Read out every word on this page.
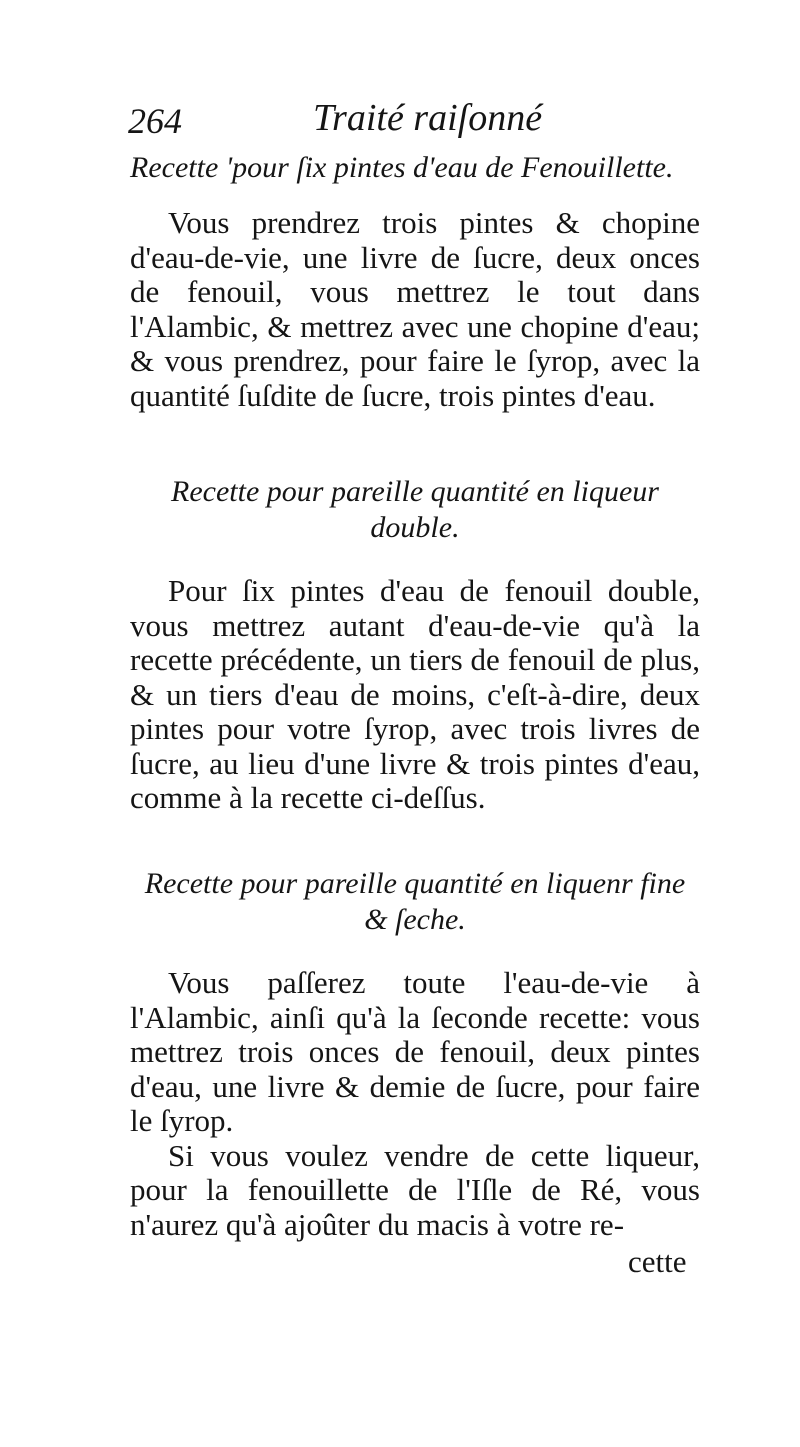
264	Traité raiſonné
Recette 'pour ſix pintes d'eau de Fenouillette.

Vous prendrez trois pintes & chopine d'eau-de-vie, une livre de ſucre, deux onces de fenouil, vous mettrez le tout dans l'Alambic, & mettrez avec une chopine d'eau; & vous prendrez, pour faire le ſyrop, avec la quantité ſuſdite de ſucre, trois pintes d'eau.

Recette pour pareille quantité en liqueur double.

Pour ſix pintes d'eau de fenouil double, vous mettrez autant d'eau-de-vie qu'à la recette précédente, un tiers de fenouil de plus, & un tiers d'eau de moins, c'eſt-à-dire, deux pintes pour votre ſyrop, avec trois livres de ſucre, au lieu d'une livre & trois pintes d'eau, comme à la recette ci-deſſus.

Recette pour pareille quantité en liquenr fine & ſeche.

Vous paſſerez toute l'eau-de-vie à l'Alambic, ainſi qu'à la ſeconde recette: vous mettrez trois onces de fenouil, deux pintes d'eau, une livre & demie de ſucre, pour faire le ſyrop.

Si vous voulez vendre de cette liqueur, pour la fenouillette de l'Iſle de Ré, vous n'aurez qu'à ajoûter du macis à votre re-

cette
